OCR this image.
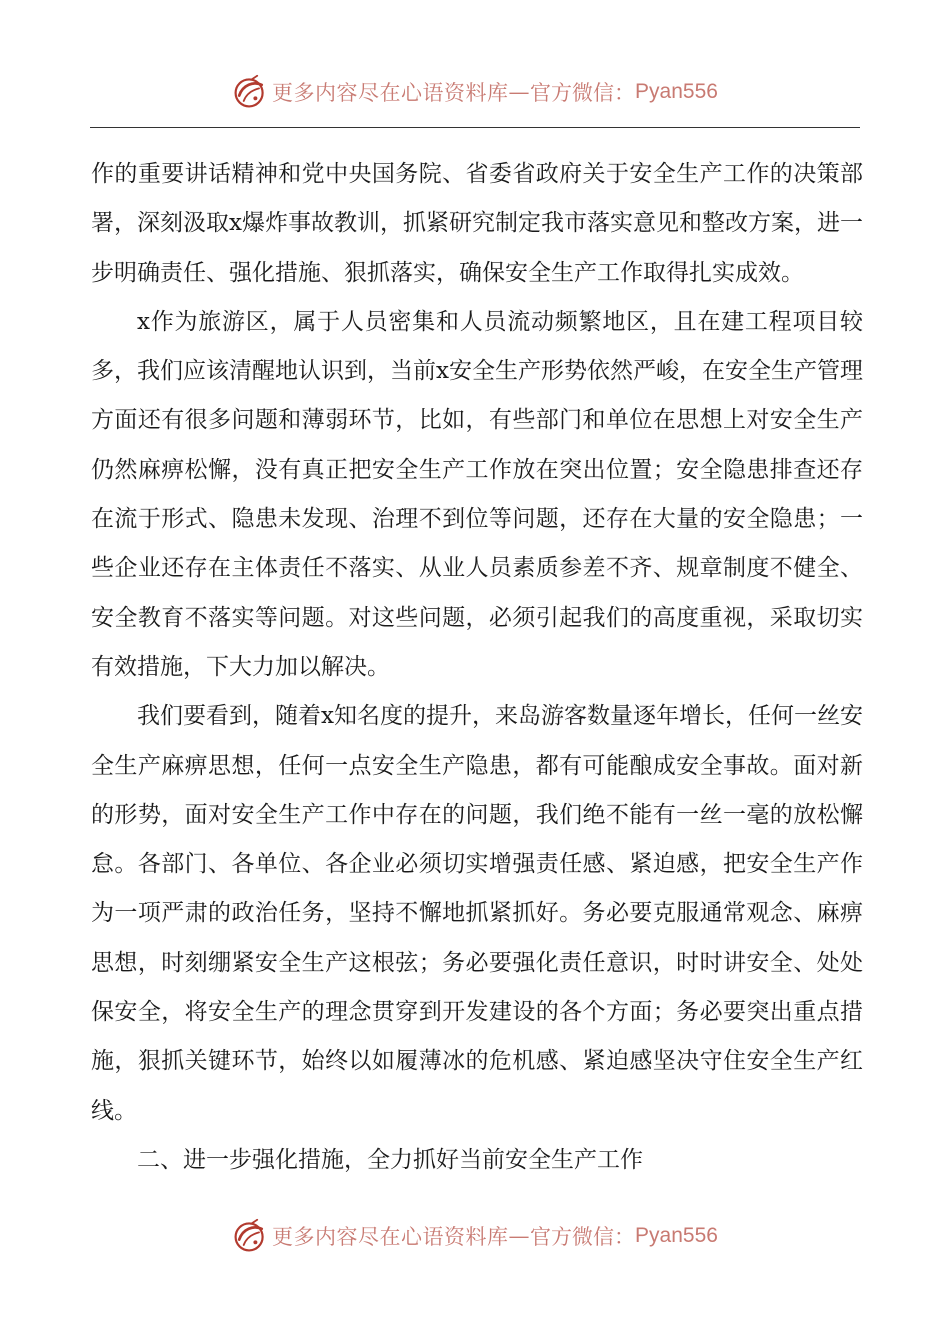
更多内容尽在心语资料库 — 官方微信： Pyan556

作的重要讲话精神和党中央国务院、省委省政府关于安全生产工作的决策部署，深刻汲取x爆炸事故教训，抓紧研究制定我市落实意见和整改方案，进一步明确责任、强化措施、狠抓落实，确保安全生产工作取得扎实成效。

x作为旅游区，属于人员密集和人员流动频繁地区，且在建工程项目较多，我们应该清醒地认识到，当前x安全生产形势依然严峻，在安全生产管理方面还有很多问题和薄弱环节，比如，有些部门和单位在思想上对安全生产仍然麻痹松懈，没有真正把安全生产工作放在突出位置；安全隐患排查还存在流于形式、隐患未发现、治理不到位等问题，还存在大量的安全隐患；一些企业还存在主体责任不落实、从业人员素质参差不齐、规章制度不健全、安全教育不落实等问题。对这些问题，必须引起我们的高度重视，采取切实有效措施，下大力加以解决。

我们要看到，随着x知名度的提升，来岛游客数量逐年增长，任何一丝安全生产麻痹思想，任何一点安全生产隐患，都有可能酿成安全事故。面对新的形势，面对安全生产工作中存在的问题，我们绝不能有一丝一毫的放松懈怠。各部门、各单位、各企业必须切实增强责任感、紧迫感，把安全生产作为一项严肃的政治任务，坚持不懈地抓紧抓好。务必要克服通常观念、麻痹思想，时刻绷紧安全生产这根弦；务必要强化责任意识，时时讲安全、处处保安全，将安全生产的理念贯穿到开发建设的各个方面；务必要突出重点措施，狠抓关键环节，始终以如履薄冰的危机感、紧迫感坚决守住安全生产红线。

二、进一步强化措施，全力抓好当前安全生产工作

更多内容尽在心语资料库 — 官方微信： Pyan556
